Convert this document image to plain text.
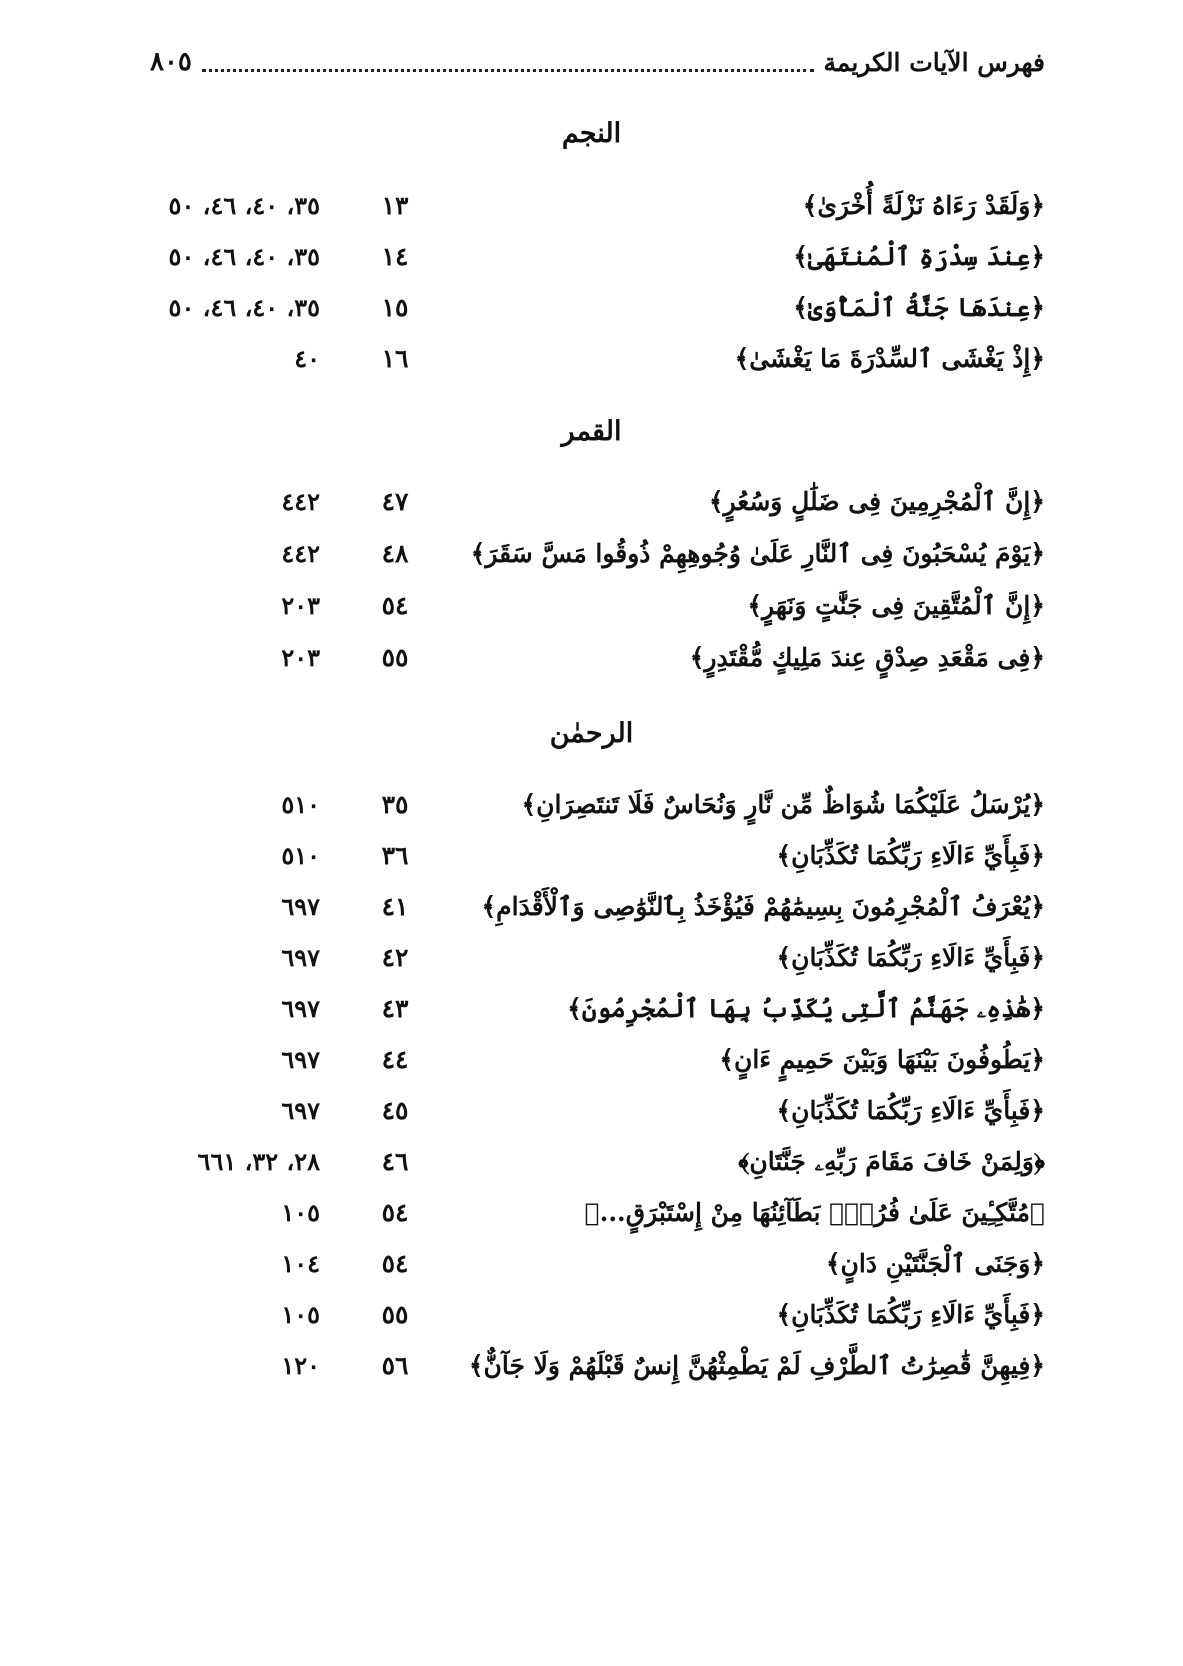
فهرس الآيات الكريمة
٨٠٥
النجم
﴿وَلَقَدْ رَءَاهُ نَزْلَةً أُخْرَىٰ﴾
١٣
٣٥، ٤٠، ٤٦، ٥٠
﴿عِندَ سِدْرَةِ ٱلْمُنتَهَىٰ﴾
١٤
٣٥، ٤٠، ٤٦، ٥٠
﴿عِندَهَا جَنَّةُ ٱلْمَأْوَىٰ﴾
١٥
٣٥، ٤٠، ٤٦، ٥٠
﴿إِذْ يَغْشَى ٱلسِّدْرَةَ مَا يَغْشَىٰ﴾
١٦
٤٠
القمر
﴿إِنَّ ٱلْمُجْرِمِينَ فِى ضَلَٰلٍ وَسُعُرٍ﴾
٤٧
٤٤٢
﴿يَوْمَ يُسْحَبُونَ فِى ٱلنَّارِ عَلَىٰ وُجُوهِهِمْ ذُوقُوا مَسَّ سَقَرَ﴾
٤٨
٤٤٢
﴿إِنَّ ٱلْمُتَّقِينَ فِى جَنَّٰتٍ وَنَهَرٍ﴾
٥٤
٢٠٣
﴿فِى مَقْعَدِ صِدْقٍ عِندَ مَلِيكٍ مُّقْتَدِرٍ﴾
٥٥
٢٠٣
الرحمٰن
﴿يُرْسَلُ عَلَيْكُمَا شُوَاظٌ مِّن نَّارٍ وَنُحَاسٌ فَلَا تَنتَصِرَانِ﴾
٣٥
٥١٠
﴿فَبِأَيِّ ءَالَاءِ رَبِّكُمَا تُكَذِّبَانِ﴾
٣٦
٥١٠
﴿يُعْرَفُ ٱلْمُجْرِمُونَ بِسِيمَٰهُمْ فَيُؤْخَذُ بِٱلنَّوَٰصِى وَٱلْأَقْدَامِ﴾
٤١
٦٩٧
﴿فَبِأَيِّ ءَالَاءِ رَبِّكُمَا تُكَذِّبَانِ﴾
٤٢
٦٩٧
﴿هَٰذِهِۦ جَهَنَّمُ ٱلَّتِى يُكَذِّبُ بِهَا ٱلْمُجْرِمُونَ﴾
٤٣
٦٩٧
﴿يَطُوفُونَ بَيْنَهَا وَبَيْنَ حَمِيمٍ ءَانٍ﴾
٤٤
٦٩٧
﴿فَبِأَيِّ ءَالَاءِ رَبِّكُمَا تُكَذِّبَانِ﴾
٤٥
٦٩٧
﴿وَلِمَنْ خَافَ مَقَامَ رَبِّهِۦ جَنَّتَانِ﴾
٤٦
٢٨، ٣٢، ٦٦١
﴿مُتَّكِـِٔينَ عَلَىٰ فُرُشٍۭ بَطَآئِنُهَا مِنْ إِسْتَبْرَقٍ...﴾
٥٤
١٠٥
﴿وَجَنَى ٱلْجَنَّتَيْنِ دَانٍ﴾
٥٤
١٠٤
﴿فَبِأَيِّ ءَالَاءِ رَبِّكُمَا تُكَذِّبَانِ﴾
٥٥
١٠٥
﴿فِيهِنَّ قَٰصِرَٰتُ ٱلطَّرْفِ لَمْ يَطْمِثْهُنَّ إِنسٌ قَبْلَهُمْ وَلَا جَآنٌّ﴾
٥٦
١٢٠
